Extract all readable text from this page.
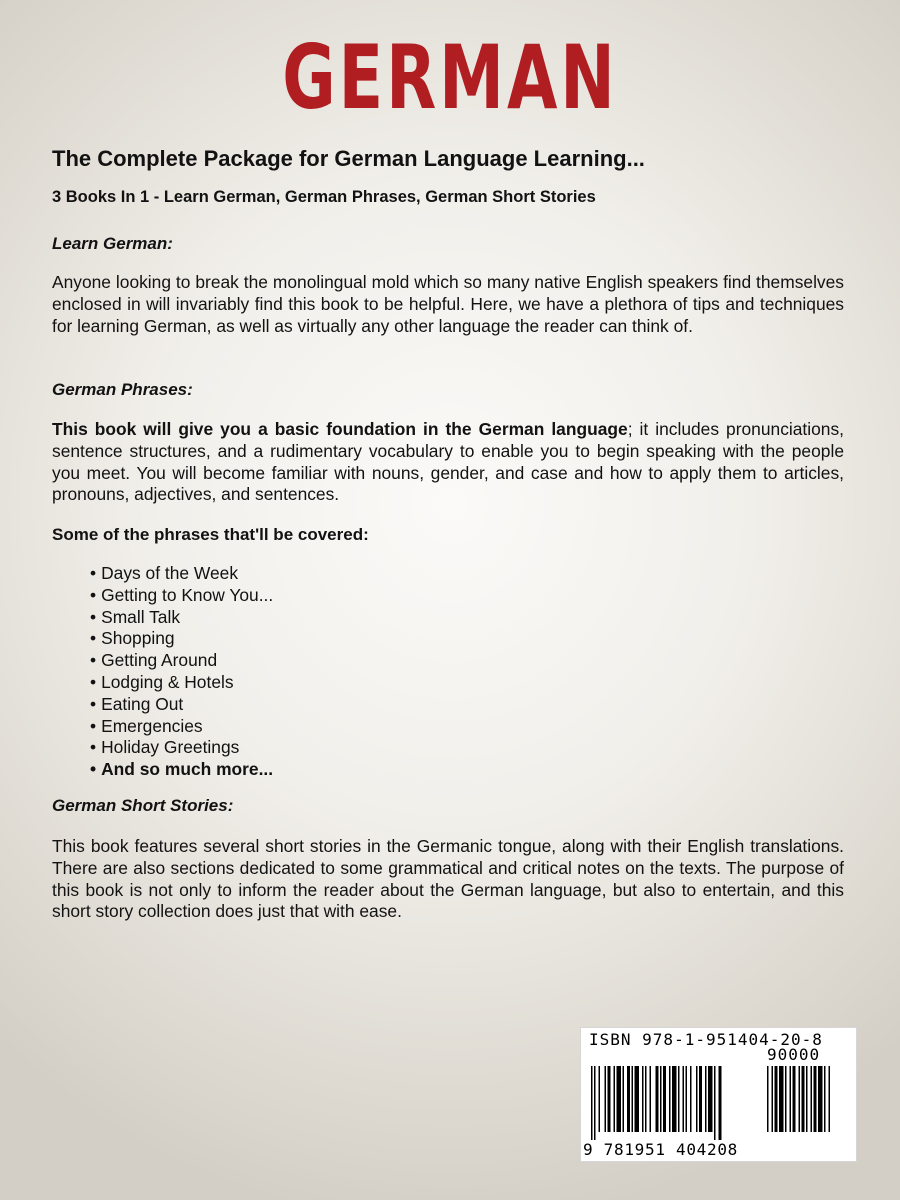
GERMAN
The Complete Package for German Language Learning...
3 Books In 1 - Learn German, German Phrases, German Short Stories
Learn German:

Anyone looking to break the monolingual mold which so many native English speakers find themselves enclosed in will invariably find this book to be helpful. Here, we have a plethora of tips and techniques for learning German, as well as virtually any other language the reader can think of.

German Phrases:

This book will give you a basic foundation in the German language; it includes pronunciations, sentence structures, and a rudimentary vocabulary to enable you to begin speaking with the people you meet. You will become familiar with nouns, gender, and case and how to apply them to articles, pronouns, adjectives, and sentences.

Some of the phrases that'll be covered:
• Days of the Week
• Getting to Know You...
• Small Talk
• Shopping
• Getting Around
• Lodging & Hotels
• Eating Out
• Emergencies
• Holiday Greetings
• And so much more...
German Short Stories:

This book features several short stories in the Germanic tongue, along with their English translations. There are also sections dedicated to some grammatical and critical notes on the texts. The purpose of this book is not only to inform the reader about the German language, but also to entertain, and this short story collection does just that with ease.

ISBN 978-1-951404-20-8
90000
9 781951 404208
